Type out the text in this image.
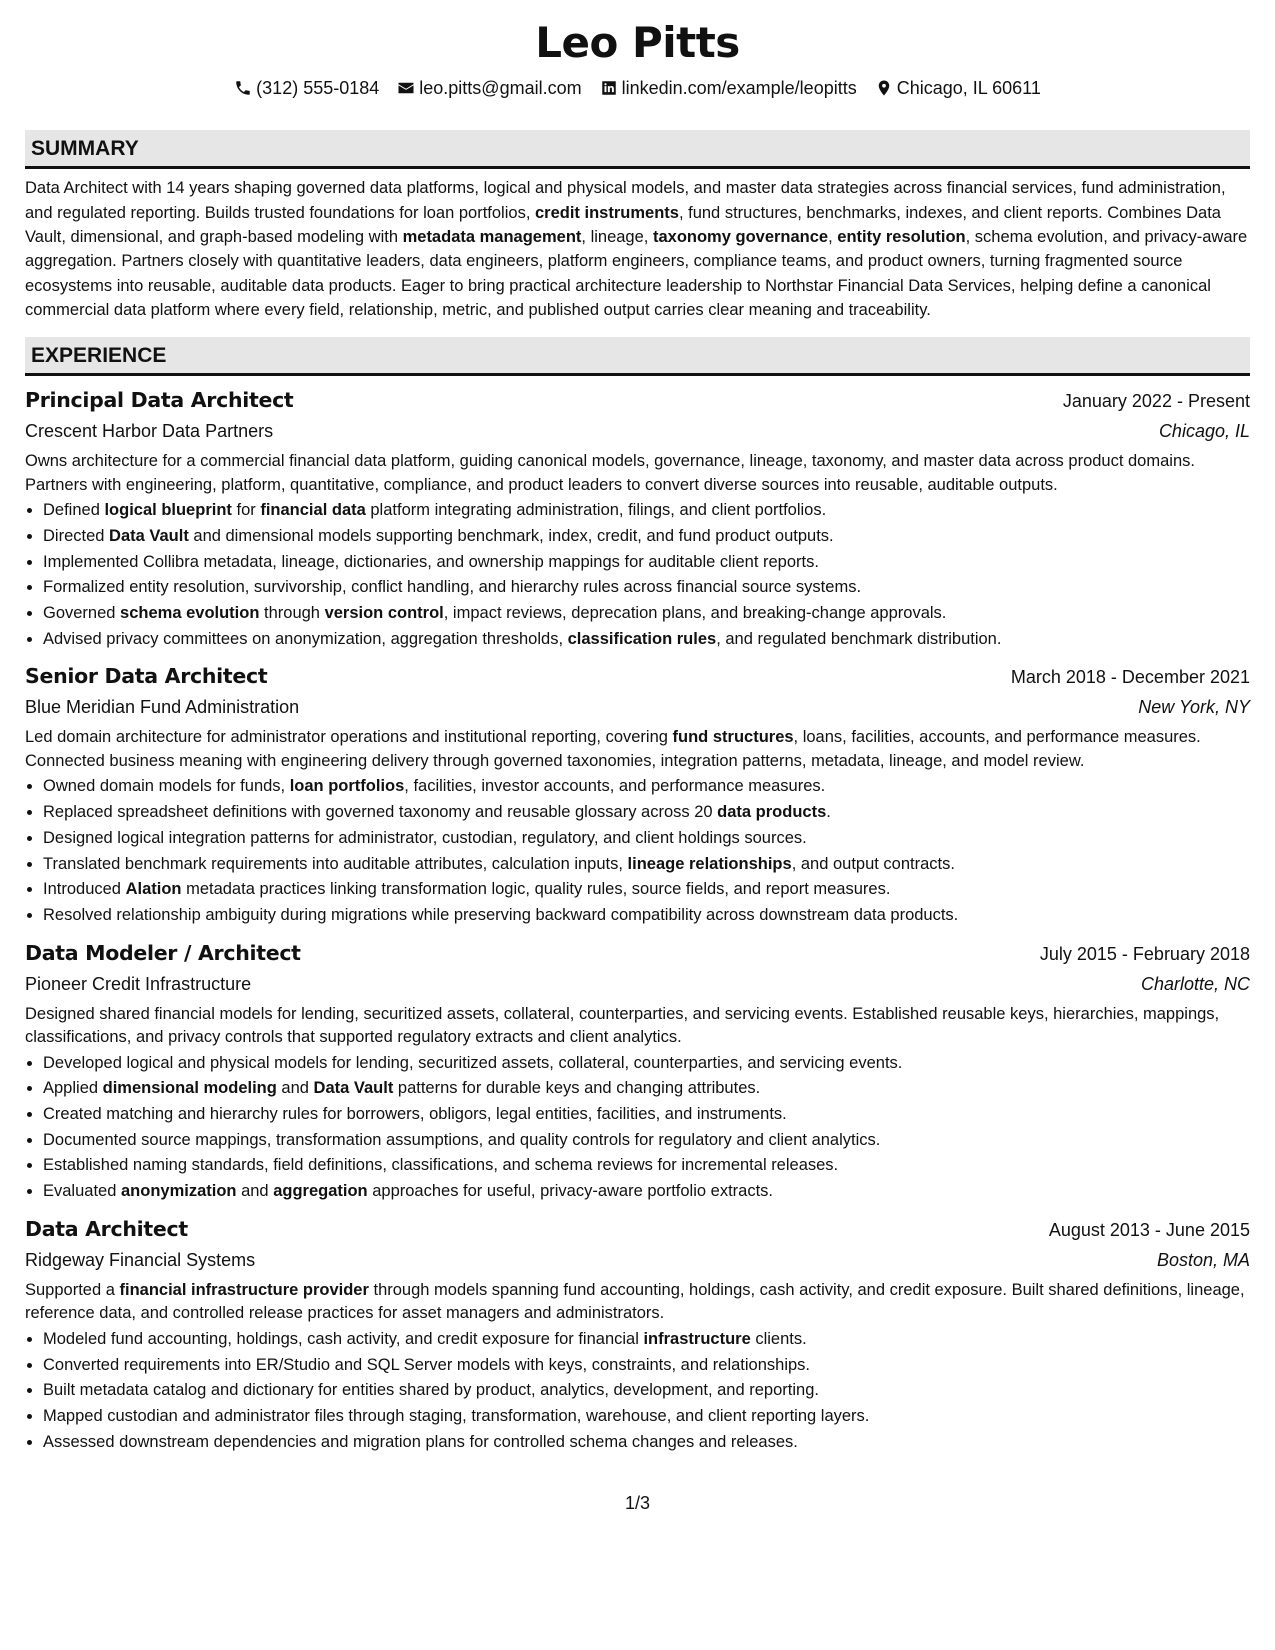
Leo Pitts
(312) 555-0184 leo.pitts@gmail.com linkedin.com/example/leopitts Chicago, IL 60611
SUMMARY
Data Architect with 14 years shaping governed data platforms, logical and physical models, and master data strategies across financial services, fund administration, and regulated reporting. Builds trusted foundations for loan portfolios, credit instruments, fund structures, benchmarks, indexes, and client reports. Combines Data Vault, dimensional, and graph-based modeling with metadata management, lineage, taxonomy governance, entity resolution, schema evolution, and privacy-aware aggregation. Partners closely with quantitative leaders, data engineers, platform engineers, compliance teams, and product owners, turning fragmented source ecosystems into reusable, auditable data products. Eager to bring practical architecture leadership to Northstar Financial Data Services, helping define a canonical commercial data platform where every field, relationship, metric, and published output carries clear meaning and traceability.
EXPERIENCE
Principal Data Architect	January 2022 - Present
Crescent Harbor Data Partners	Chicago, IL
Owns architecture for a commercial financial data platform, guiding canonical models, governance, lineage, taxonomy, and master data across product domains. Partners with engineering, platform, quantitative, compliance, and product leaders to convert diverse sources into reusable, auditable outputs.
• Defined logical blueprint for financial data platform integrating administration, filings, and client portfolios.
• Directed Data Vault and dimensional models supporting benchmark, index, credit, and fund product outputs.
• Implemented Collibra metadata, lineage, dictionaries, and ownership mappings for auditable client reports.
• Formalized entity resolution, survivorship, conflict handling, and hierarchy rules across financial source systems.
• Governed schema evolution through version control, impact reviews, deprecation plans, and breaking-change approvals.
• Advised privacy committees on anonymization, aggregation thresholds, classification rules, and regulated benchmark distribution.
Senior Data Architect	March 2018 - December 2021
Blue Meridian Fund Administration	New York, NY
Led domain architecture for administrator operations and institutional reporting, covering fund structures, loans, facilities, accounts, and performance measures. Connected business meaning with engineering delivery through governed taxonomies, integration patterns, metadata, lineage, and model review.
• Owned domain models for funds, loan portfolios, facilities, investor accounts, and performance measures.
• Replaced spreadsheet definitions with governed taxonomy and reusable glossary across 20 data products.
• Designed logical integration patterns for administrator, custodian, regulatory, and client holdings sources.
• Translated benchmark requirements into auditable attributes, calculation inputs, lineage relationships, and output contracts.
• Introduced Alation metadata practices linking transformation logic, quality rules, source fields, and report measures.
• Resolved relationship ambiguity during migrations while preserving backward compatibility across downstream data products.
Data Modeler / Architect	July 2015 - February 2018
Pioneer Credit Infrastructure	Charlotte, NC
Designed shared financial models for lending, securitized assets, collateral, counterparties, and servicing events. Established reusable keys, hierarchies, mappings, classifications, and privacy controls that supported regulatory extracts and client analytics.
• Developed logical and physical models for lending, securitized assets, collateral, counterparties, and servicing events.
• Applied dimensional modeling and Data Vault patterns for durable keys and changing attributes.
• Created matching and hierarchy rules for borrowers, obligors, legal entities, facilities, and instruments.
• Documented source mappings, transformation assumptions, and quality controls for regulatory and client analytics.
• Established naming standards, field definitions, classifications, and schema reviews for incremental releases.
• Evaluated anonymization and aggregation approaches for useful, privacy-aware portfolio extracts.
Data Architect	August 2013 - June 2015
Ridgeway Financial Systems	Boston, MA
Supported a financial infrastructure provider through models spanning fund accounting, holdings, cash activity, and credit exposure. Built shared definitions, lineage, reference data, and controlled release practices for asset managers and administrators.
• Modeled fund accounting, holdings, cash activity, and credit exposure for financial infrastructure clients.
• Converted requirements into ER/Studio and SQL Server models with keys, constraints, and relationships.
• Built metadata catalog and dictionary for entities shared by product, analytics, development, and reporting.
• Mapped custodian and administrator files through staging, transformation, warehouse, and client reporting layers.
• Assessed downstream dependencies and migration plans for controlled schema changes and releases.
1/3
